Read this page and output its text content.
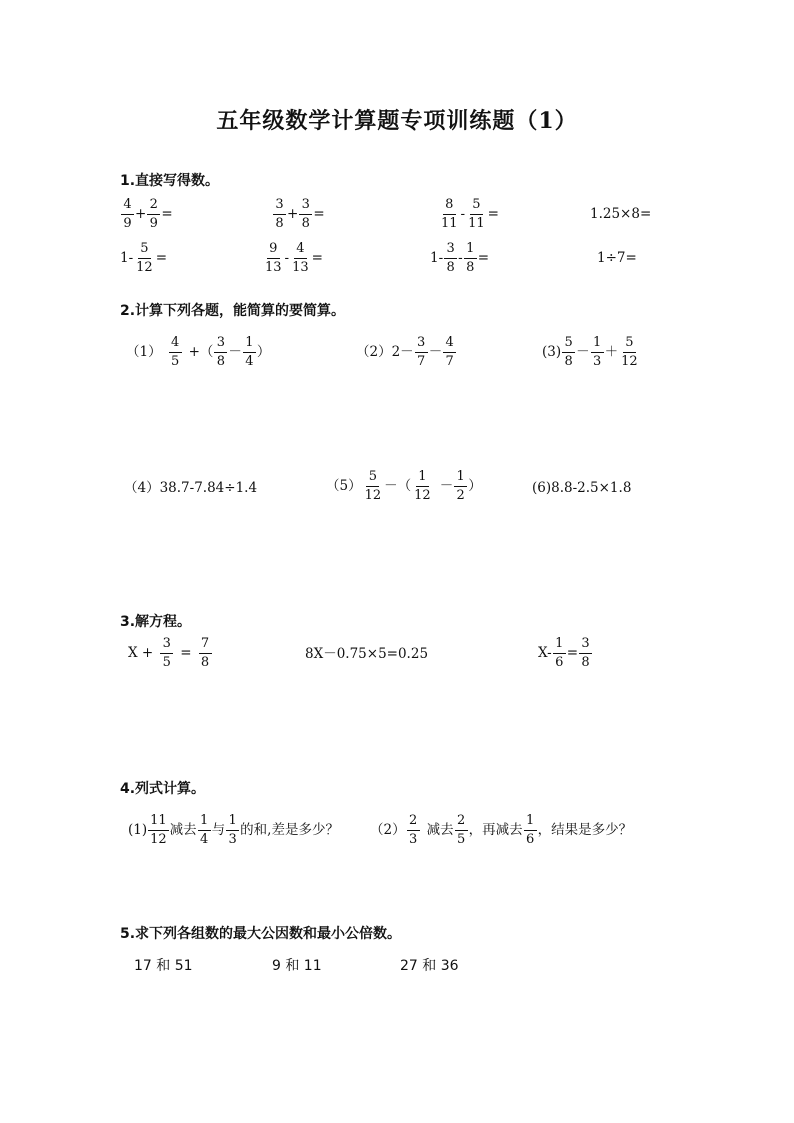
五年级数学计算题专项训练题（1）
1.直接写得数。
$\frac{4}{9} + \frac{2}{9}$ =	$\frac{3}{8} + \frac{3}{8}$ =	$\frac{8}{11} - \frac{5}{11}$ =	1.25×8=
$1- \frac{5}{12}$ =	$\frac{9}{13} - \frac{4}{13}$ =	$1- \frac{3}{8} - \frac{1}{8}$ =	1÷7=
2.计算下列各题，能简算的要简算。
$(1) \frac{4}{5}$ +（ $\frac{3}{8} - \frac{1}{4}$ ）	$(2)2- \frac{3}{7} - \frac{4}{7}$	$(3) \frac{5}{8} - \frac{1}{3} + \frac{5}{12}$
（4）38.7-7.84÷1.4	$(5) \frac{5}{12}$ －（ $\frac{1}{12} - \frac{1}{2}$ ）	(6)8.8-2.5×1.8
3.解方程。
$X + \frac{3}{5} = \frac{7}{8}$	8X－0.75×5=0.25	$X- \frac{1}{6} = \frac{3}{8}$
4.列式计算。
$(1) \frac{11}{12}$ 减去 $\frac{1}{4}$ 与 $\frac{1}{3}$ 的和,差是多少？ $(2) \frac{2}{3}$ 减去 $\frac{2}{5}$ ，再减去 $\frac{1}{6}$ ，结果是多少？
5.求下列各组数的最大公因数和最小公倍数。
17 和 51	9 和 11	27 和 36
